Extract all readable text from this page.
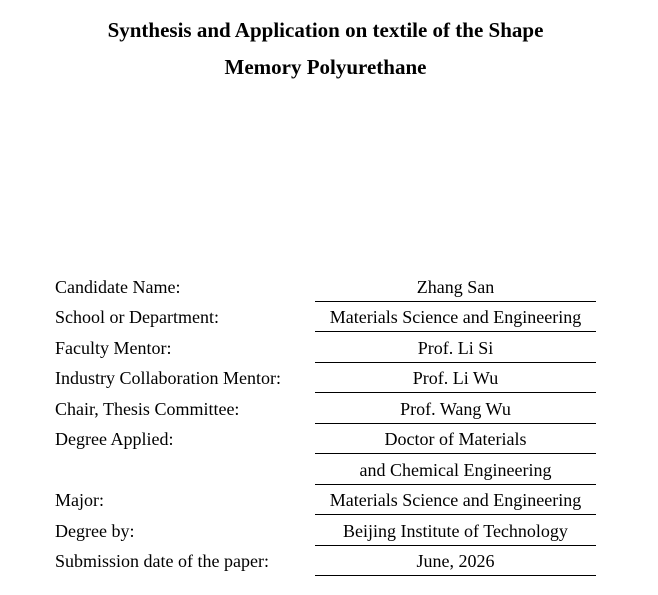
Synthesis and Application on textile of the Shape
Memory Polyurethane
Candidate Name:	Zhang San
School or Department:	Materials Science and Engineering
Faculty Mentor:	Prof. Li Si
Industry Collaboration Mentor:	Prof. Li Wu
Chair, Thesis Committee:	Prof. Wang Wu
Degree Applied:	Doctor of Materials
and Chemical Engineering
Major:	Materials Science and Engineering
Degree by:	Beijing Institute of Technology
Submission date of the paper:	June, 2026
